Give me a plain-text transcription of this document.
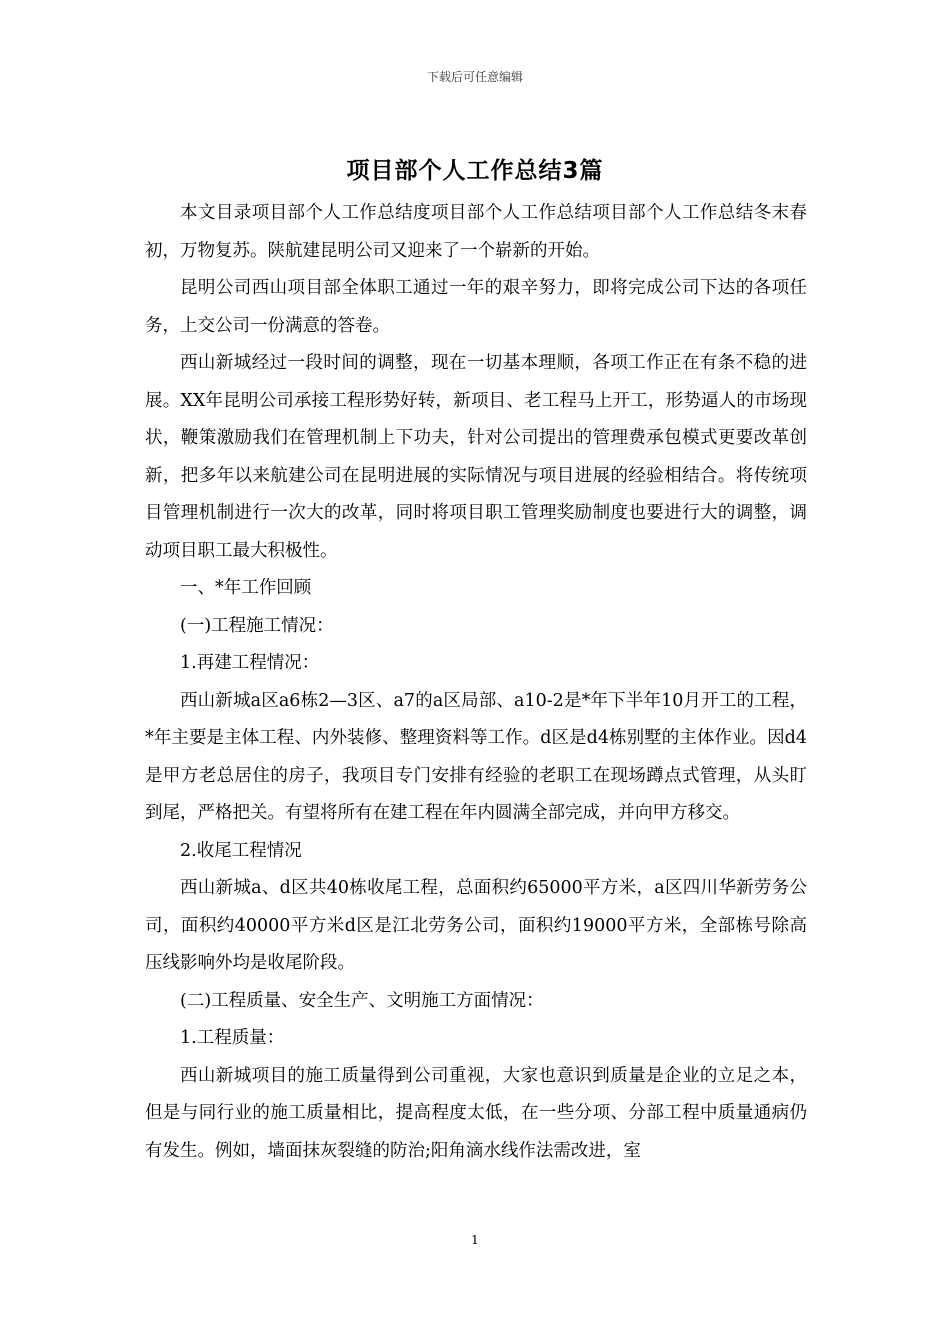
下载后可任意编辑
项目部个人工作总结3篇

本文目录项目部个人工作总结度项目部个人工作总结项目部个人工作总结冬末春初，万物复苏。陕航建昆明公司又迎来了一个崭新的开始。

昆明公司西山项目部全体职工通过一年的艰辛努力，即将完成公司下达的各项任务，上交公司一份满意的答卷。

西山新城经过一段时间的调整，现在一切基本理顺，各项工作正在有条不稳的进展。XX年昆明公司承接工程形势好转，新项目、老工程马上开工，形势逼人的市场现状，鞭策激励我们在管理机制上下功夫，针对公司提出的管理费承包模式更要改革创新，把多年以来航建公司在昆明进展的实际情况与项目进展的经验相结合。将传统项目管理机制进行一次大的改革，同时将项目职工管理奖励制度也要进行大的调整，调动项目职工最大积极性。

一、*年工作回顾

(一)工程施工情况：

1.再建工程情况：

西山新城a区a6栋2—3区、a7的a区局部、a10-2是*年下半年10月开工的工程，*年主要是主体工程、内外装修、整理资料等工作。d区是d4栋别墅的主体作业。因d4是甲方老总居住的房子，我项目专门安排有经验的老职工在现场蹲点式管理，从头盯到尾，严格把关。有望将所有在建工程在年内圆满全部完成，并向甲方移交。

2.收尾工程情况

西山新城a、d区共40栋收尾工程，总面积约65000平方米，a区四川华新劳务公司，面积约40000平方米d区是江北劳务公司，面积约19000平方米，全部栋号除高压线影响外均是收尾阶段。

(二)工程质量、安全生产、文明施工方面情况：

1.工程质量：

西山新城项目的施工质量得到公司重视，大家也意识到质量是企业的立足之本，但是与同行业的施工质量相比，提高程度太低，在一些分项、分部工程中质量通病仍有发生。例如，墙面抹灰裂缝的防治;阳角滴水线作法需改进，室

1
